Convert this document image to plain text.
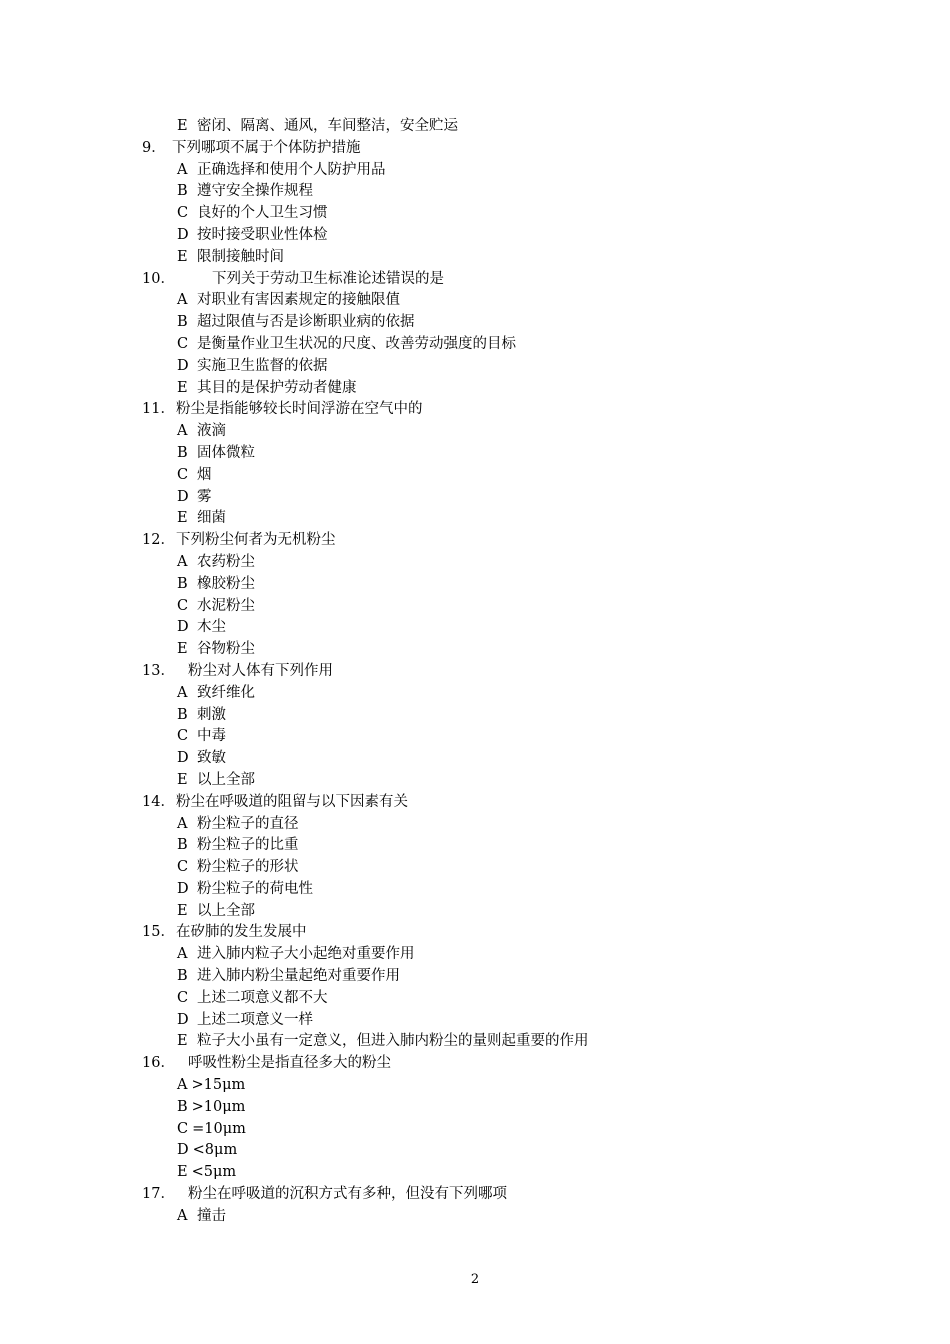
E 密闭、隔离、通风，车间整洁，安全贮运
9． 下列哪项不属于个体防护措施
A 正确选择和使用个人防护用品
B 遵守安全操作规程
C 良好的个人卫生习惯
D 按时接受职业性体检
E 限制接触时间
10．	下列关于劳动卫生标准论述错误的是
A 对职业有害因素规定的接触限值
B 超过限值与否是诊断职业病的依据
C 是衡量作业卫生状况的尺度、改善劳动强度的目标
D 实施卫生监督的依据
E 其目的是保护劳动者健康
11．粉尘是指能够较长时间浮游在空气中的
A 液滴
B 固体微粒
C 烟
D 雾
E 细菌
12．下列粉尘何者为无机粉尘
A 农药粉尘
B 橡胶粉尘
C 水泥粉尘
D 木尘
E 谷物粉尘
13． 粉尘对人体有下列作用
A 致纤维化
B 刺激
C 中毒
D 致敏
E 以上全部
14．粉尘在呼吸道的阻留与以下因素有关
A 粉尘粒子的直径
B 粉尘粒子的比重
C 粉尘粒子的形状
D 粉尘粒子的荷电性
E 以上全部
15．在矽肺的发生发展中
A 进入肺内粒子大小起绝对重要作用
B 进入肺内粉尘量起绝对重要作用
C 上述二项意义都不大
D 上述二项意义一样
E 粒子大小虽有一定意义，但进入肺内粉尘的量则起重要的作用
16． 呼吸性粉尘是指直径多大的粉尘
A >15μm
B >10μm
C =10μm
D <8μm
E <5μm
17． 粉尘在呼吸道的沉积方式有多种，但没有下列哪项
A 撞击
2
